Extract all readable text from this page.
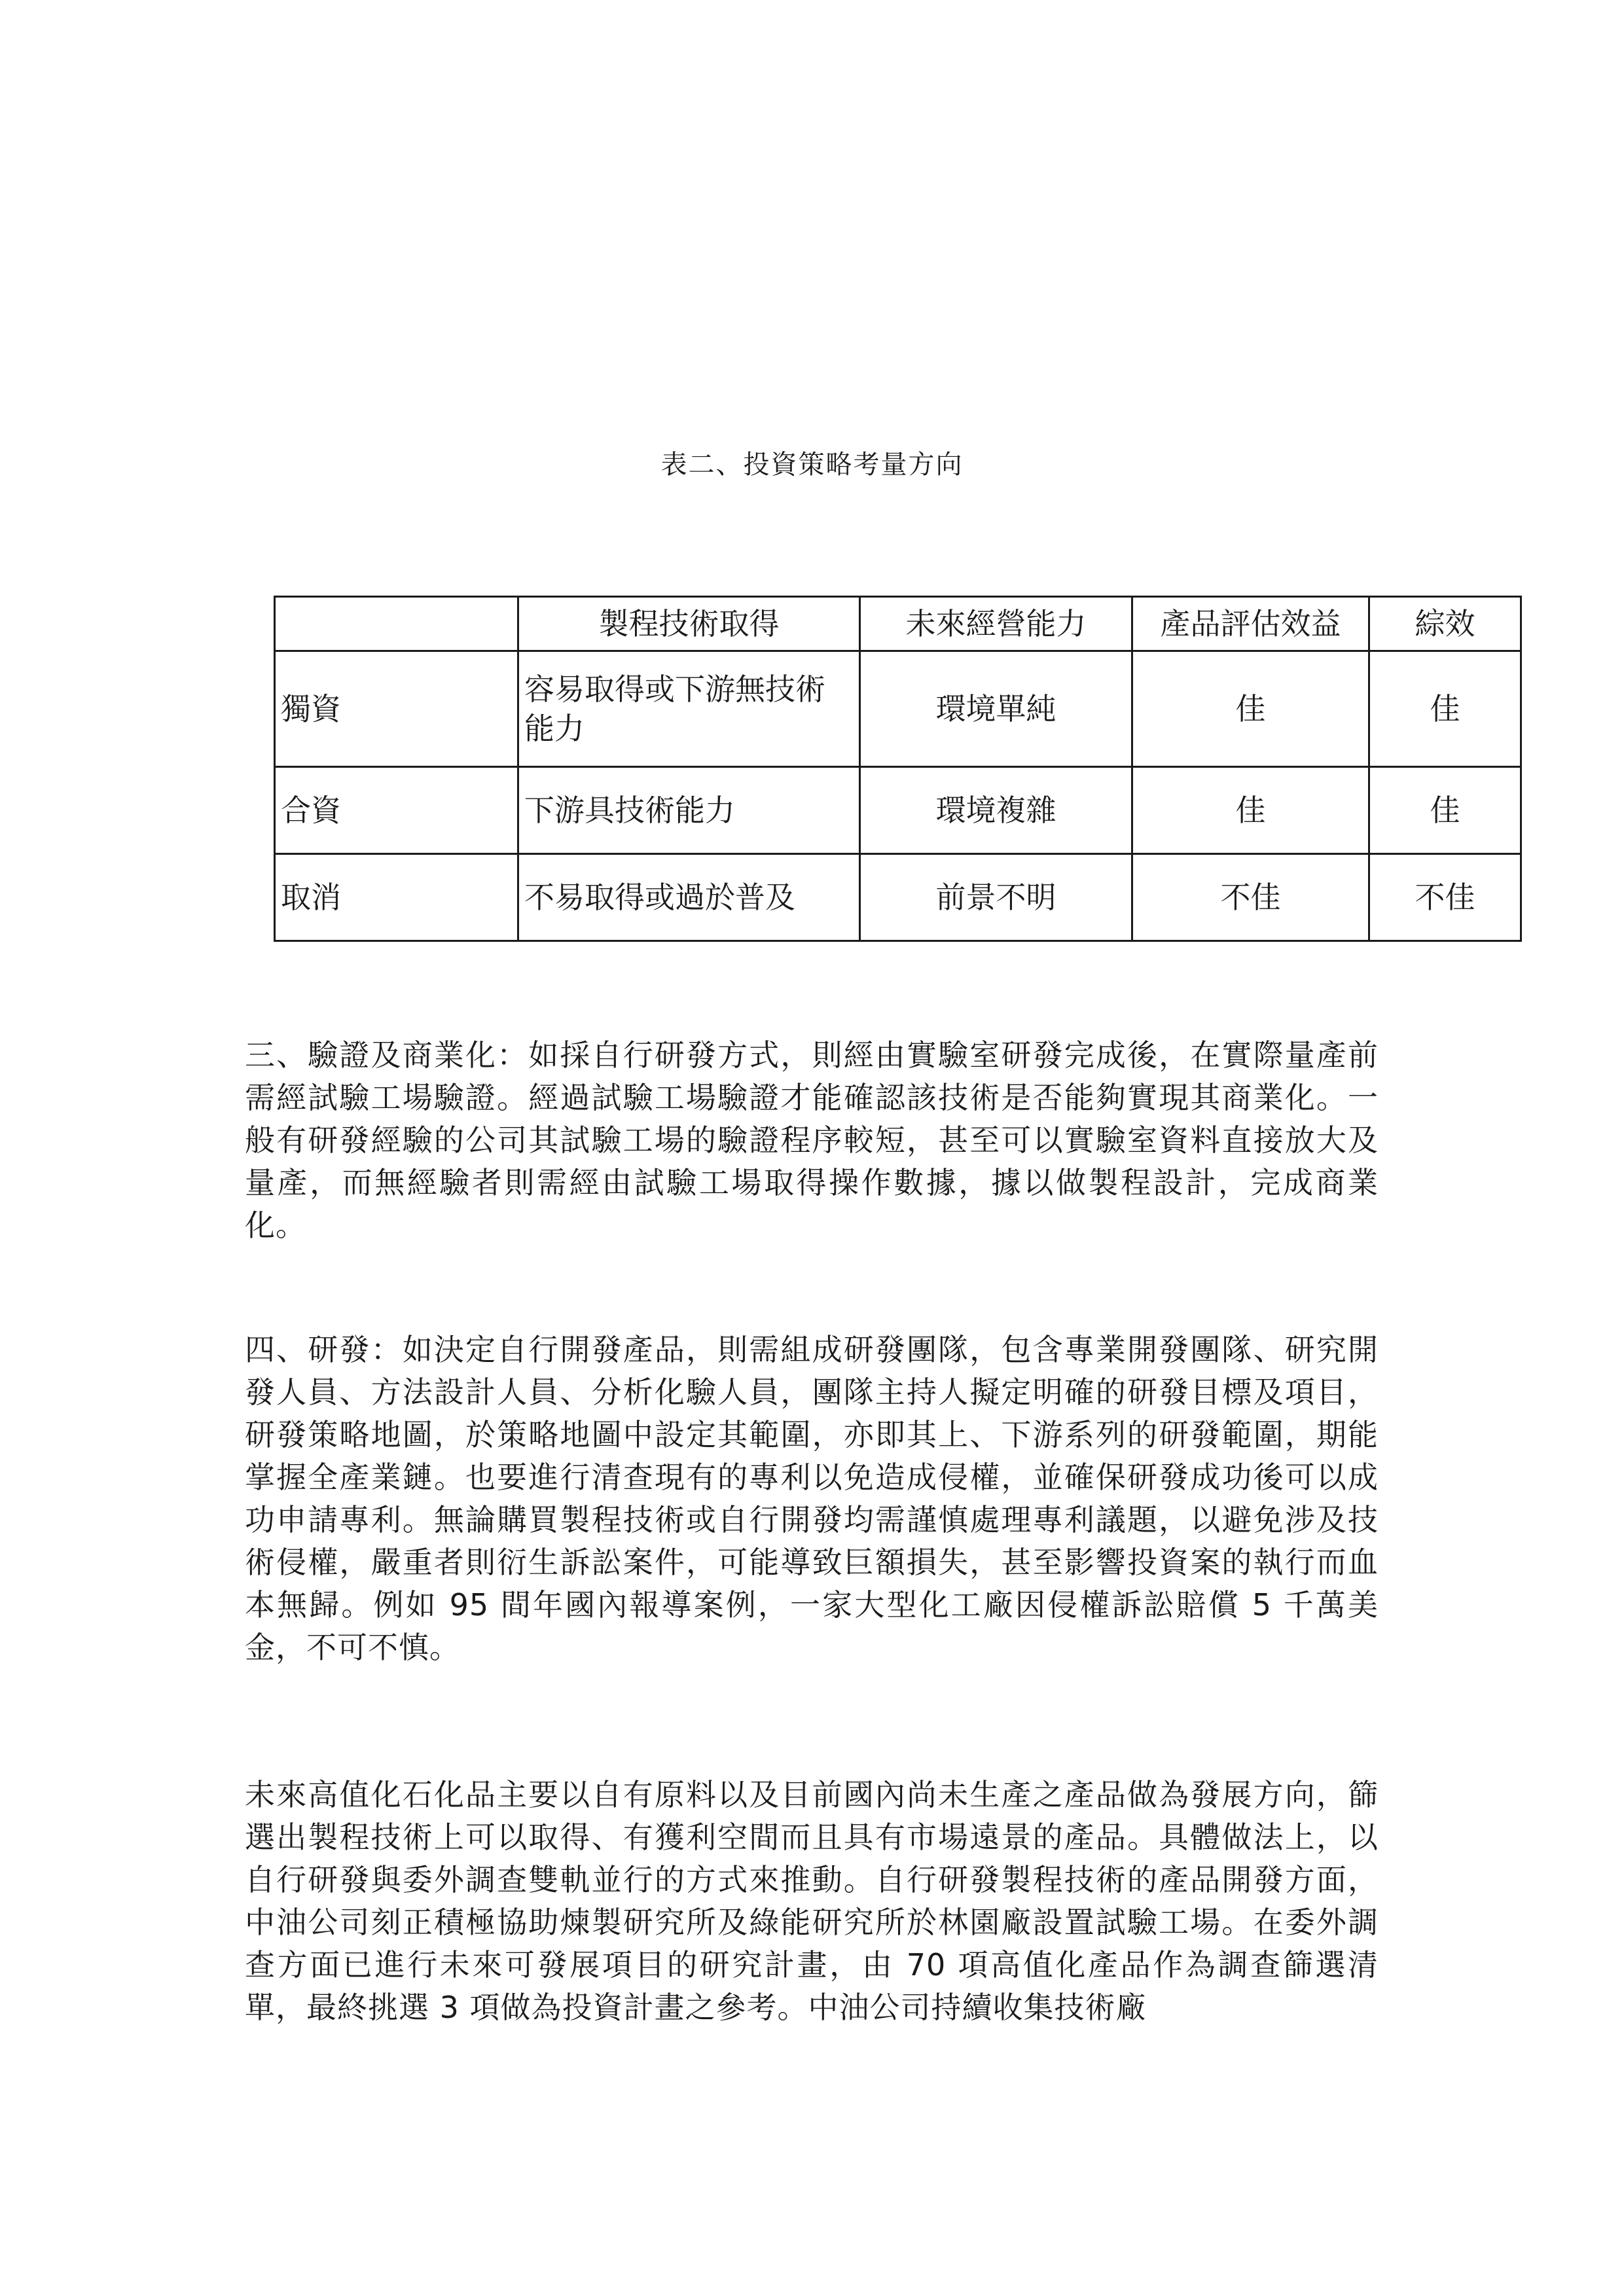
表二、投資策略考量方向
	製程技術取得	未來經營能力	產品評估效益	綜效
獨資	容易取得或下游無技術能力	環境單純	佳	佳
合資	下游具技術能力	環境複雜	佳	佳
取消	不易取得或過於普及	前景不明	不佳	不佳

三、驗證及商業化：如採自行研發方式，則經由實驗室研發完成後，在實際量產前需經試驗工場驗證。經過試驗工場驗證才能確認該技術是否能夠實現其商業化。一般有研發經驗的公司其試驗工場的驗證程序較短，甚至可以實驗室資料直接放大及量產，而無經驗者則需經由試驗工場取得操作數據，據以做製程設計，完成商業化。

四、研發：如決定自行開發產品，則需組成研發團隊，包含專業開發團隊、研究開發人員、方法設計人員、分析化驗人員，團隊主持人擬定明確的研發目標及項目，研發策略地圖，於策略地圖中設定其範圍，亦即其上、下游系列的研發範圍，期能掌握全產業鏈。也要進行清查現有的專利以免造成侵權，並確保研發成功後可以成功申請專利。無論購買製程技術或自行開發均需謹慎處理專利議題，以避免涉及技術侵權，嚴重者則衍生訴訟案件，可能導致巨額損失，甚至影響投資案的執行而血本無歸。例如 95 間年國內報導案例，一家大型化工廠因侵權訴訟賠償 5 千萬美金，不可不慎。

未來高值化石化品主要以自有原料以及目前國內尚未生產之產品做為發展方向，篩選出製程技術上可以取得、有獲利空間而且具有市場遠景的產品。具體做法上，以自行研發與委外調查雙軌並行的方式來推動。自行研發製程技術的產品開發方面，中油公司刻正積極協助煉製研究所及綠能研究所於林園廠設置試驗工場。在委外調查方面已進行未來可發展項目的研究計畫，由 70 項高值化產品作為調查篩選清單，最終挑選 3 項做為投資計畫之參考。中油公司持續收集技術廠
